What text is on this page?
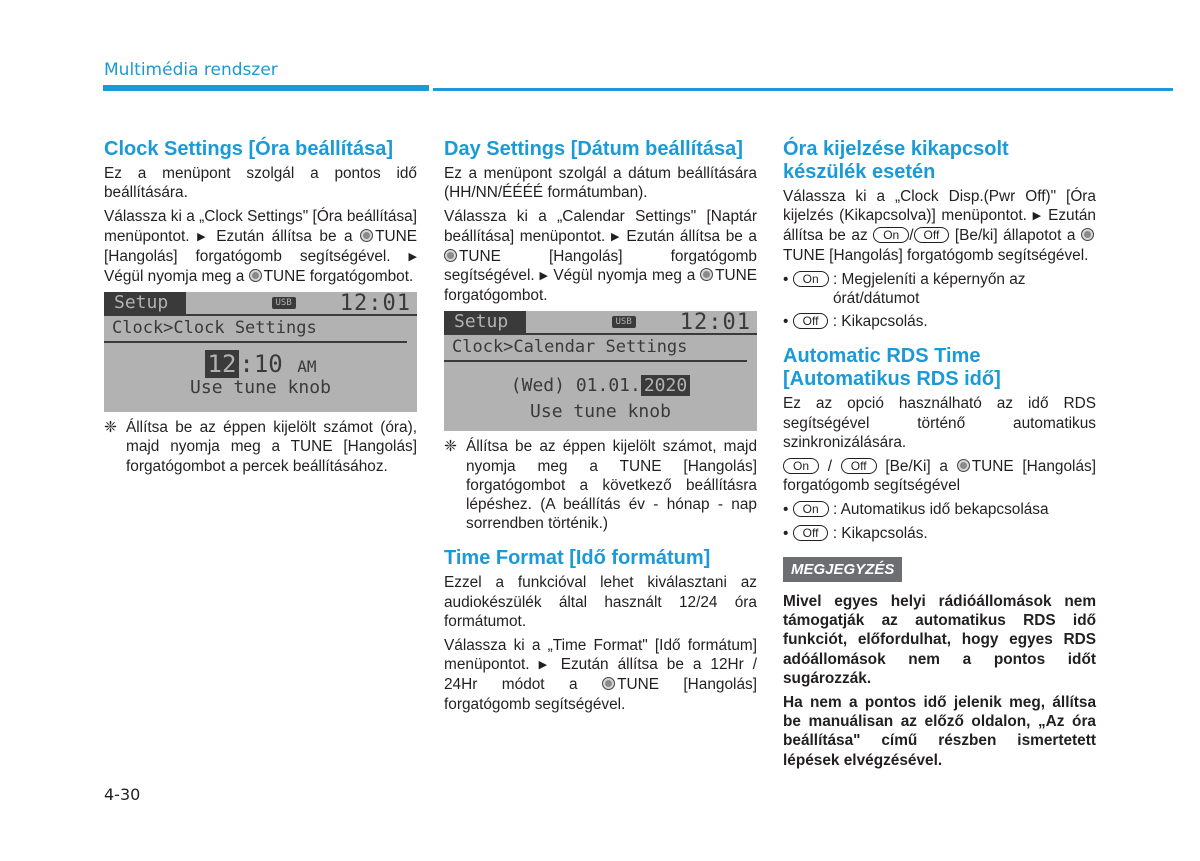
Multimédia rendszer
Clock Settings [Óra beállítása]

Ez a menüpont szolgál a pontos idő beállítására.

Válassza ki a „Clock Settings" [Óra beállítása] menüpontot. ▶ Ezután állítsa be a TUNE [Hangolás] forgatógomb segítségével. ▶ Végül nyomja meg a TUNE forgatógombot.

Setup	USB 12:01
Clock>Clock Settings
12 :10 AM
Use tune knob
❈ Állítsa be az éppen kijelölt számot (óra), majd nyomja meg a TUNE [Hangolás] forgatógombot a percek beállításához.
Day Settings [Dátum beállítása]

Ez a menüpont szolgál a dátum beállítására (HH/NN/ÉÉÉÉ formátumban).

Válassza ki a „Calendar Settings" [Naptár beállítása] menüpontot. ▶ Ezután állítsa be a TUNE [Hangolás] forgatógomb segítségével. ▶ Végül nyomja meg a TUNE forgatógombot.

Setup	USB 12:01
Clock>Calendar Settings
(Wed) 01.01. 2020
Use tune knob
❈ Állítsa be az éppen kijelölt számot, majd nyomja meg a TUNE [Hangolás] forgatógombot a következő beállításra lépéshez. (A beállítás év - hónap - nap sorrendben történik.)
Time Format [Idő formátum]

Ezzel a funkcióval lehet kiválasztani az audiokészülék által használt 12/24 óra formátumot.

Válassza ki a „Time Format" [Idő formátum] menüpontot. ▶ Ezután állítsa be a 12Hr / 24Hr módot a	TUNE [Hangolás] forgatógomb segítségével.

Óra kijelzése kikapcsolt készülék esetén

Válassza ki a „Clock Disp.(Pwr Off)" [Óra kijelzés (Kikapcsolva)] menüpontot. ▶ Ezután állítsa be az On / Off [Be/ki] állapotot a TUNE [Hangolás] forgatógomb segítségével.

• On : Megjeleníti a képernyőn az órát/dátumot
• Off : Kikapcsolás.
Automatic RDS Time [Automatikus RDS idő]

Ez az opció használható az idő RDS segítségével történő automatikus szinkronizálására.

On / Off [Be/Ki] a TUNE [Hangolás] forgatógomb segítségével

• On : Automatikus idő bekapcsolása
• Off : Kikapcsolás.
MEGJEGYZÉS

Mivel egyes helyi rádióállomások nem támogatják az automatikus RDS idő funkciót, előfordulhat, hogy egyes RDS adóállomások nem a pontos időt sugározzák.

Ha nem a pontos idő jelenik meg, állítsa be manuálisan az előző oldalon, „Az óra beállítása" című részben ismertetett lépések elvégzésével.

4-30
